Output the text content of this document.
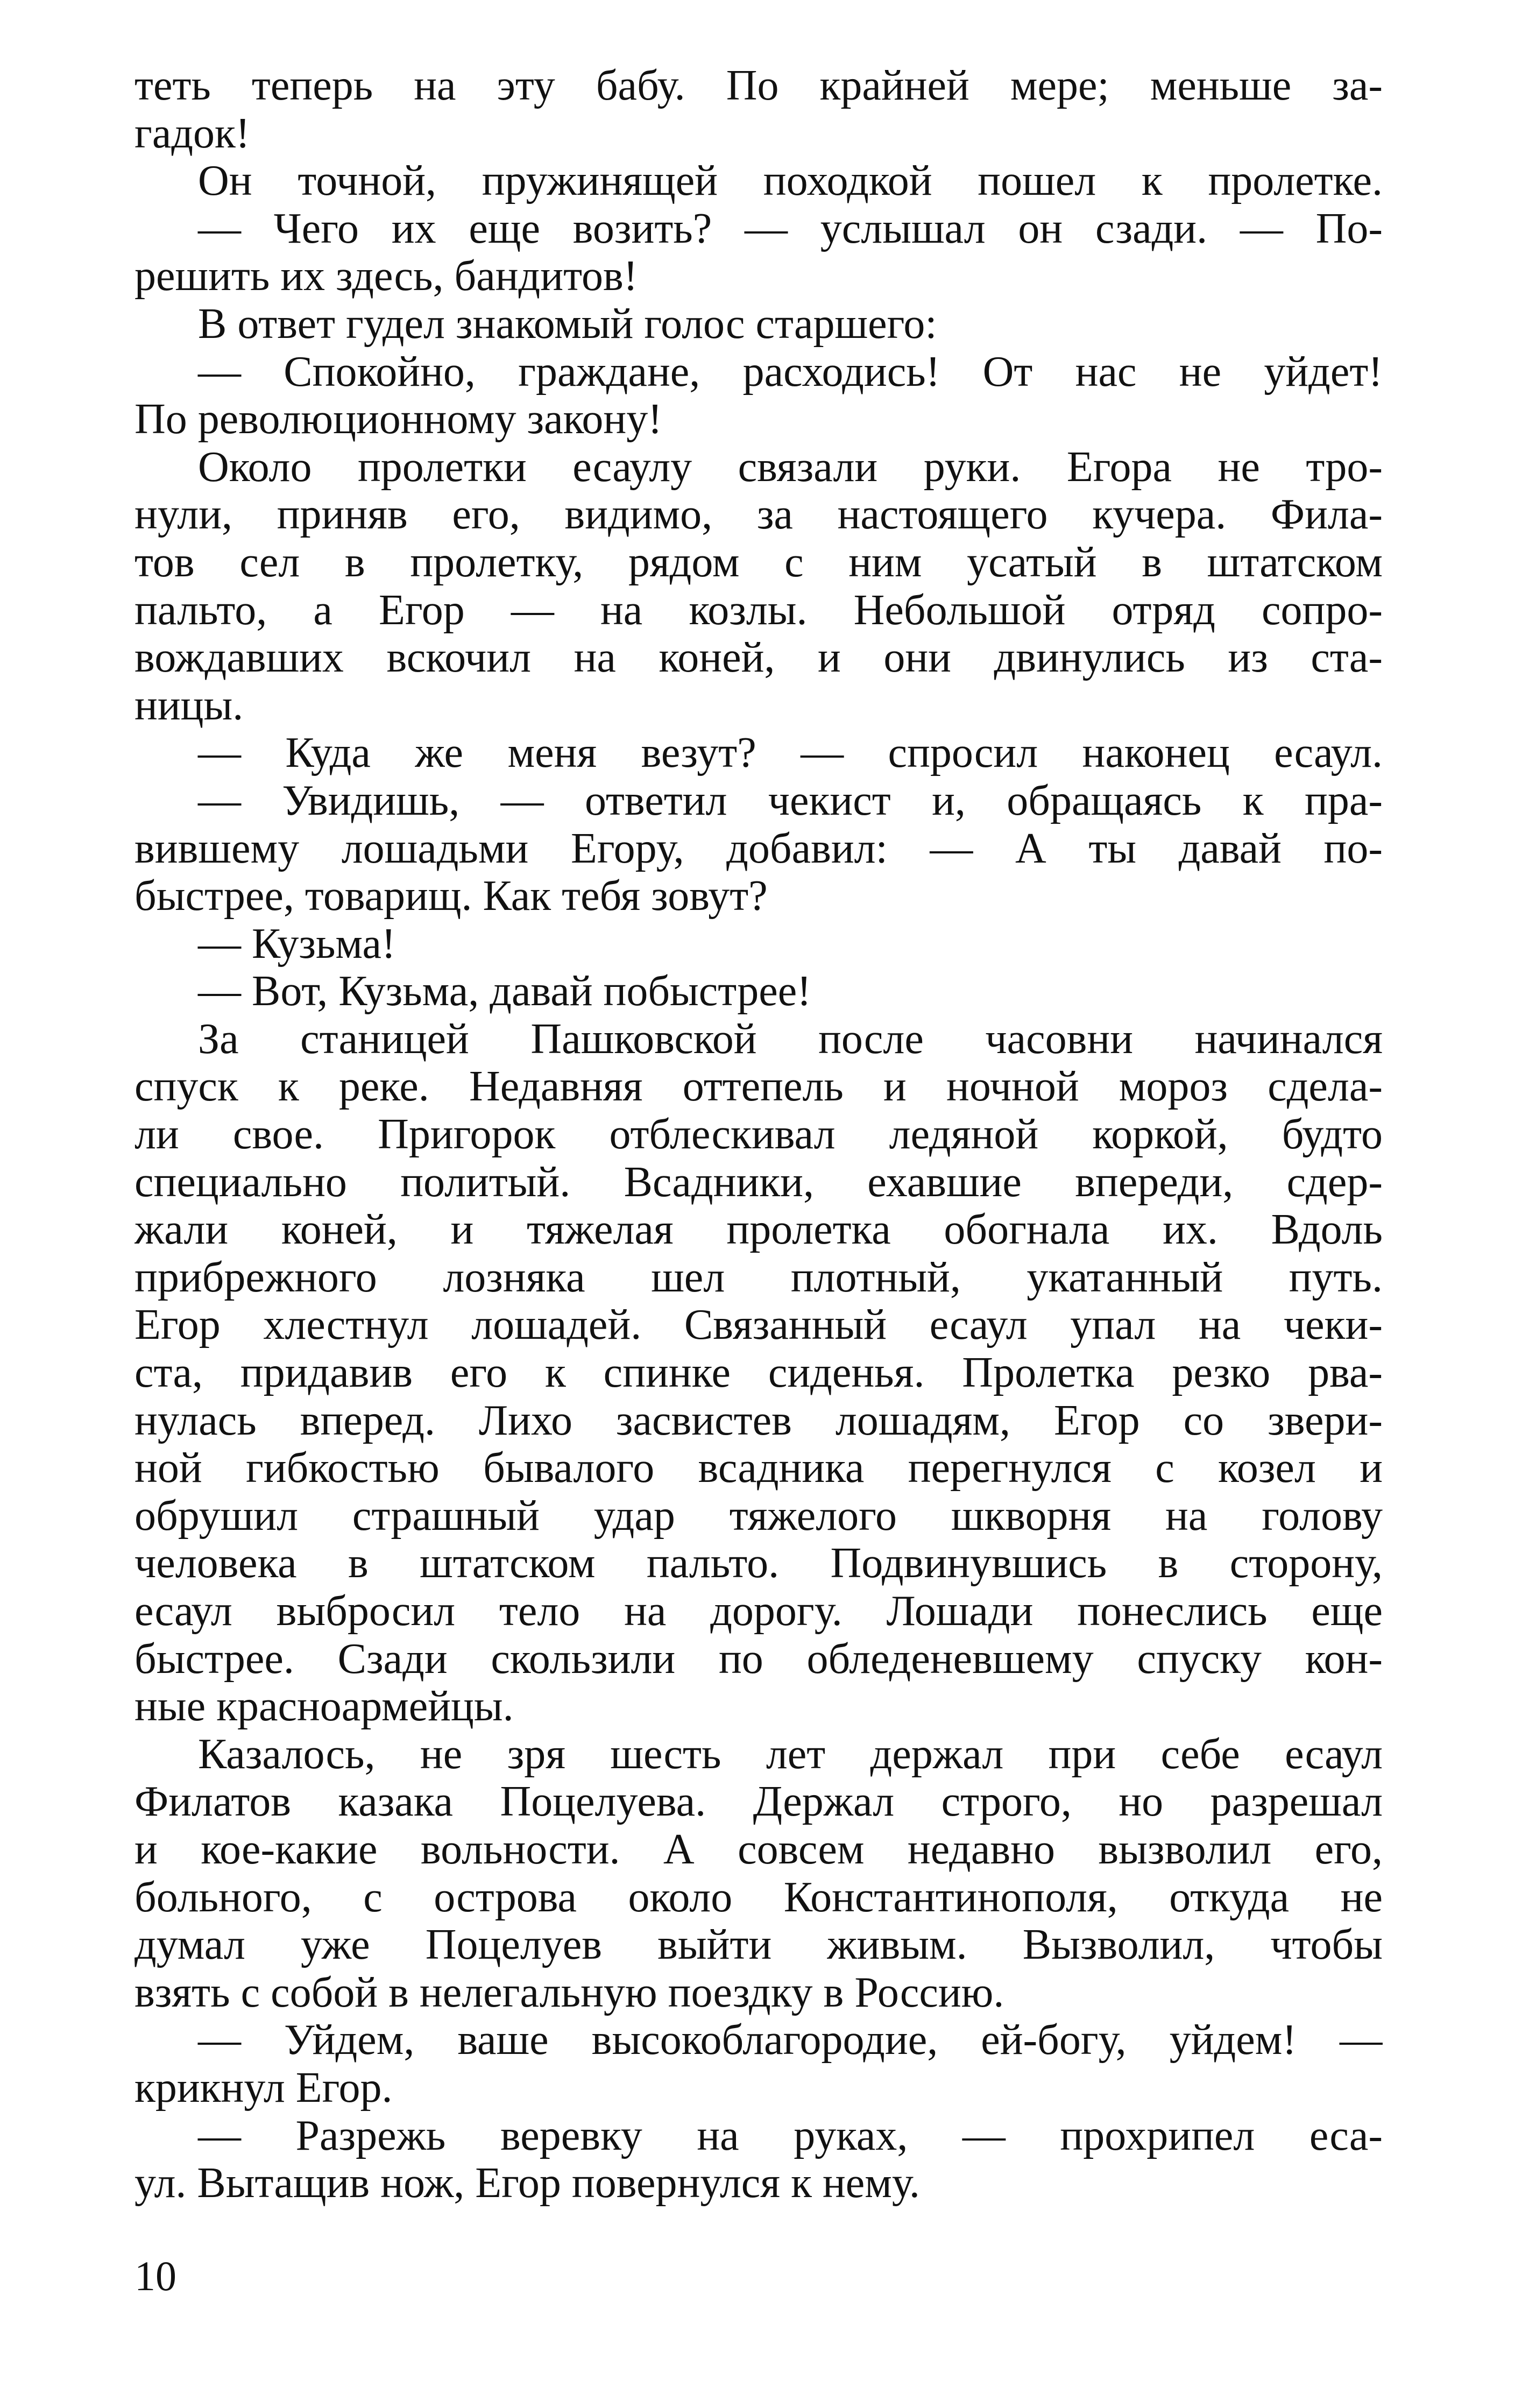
теть теперь на эту бабу. По крайней мере; меньше за-
гадок!
Он точной, пружинящей походкой пошел к пролетке.
— Чего их еще возить? — услышал он сзади. — По-
решить их здесь, бандитов!
В ответ гудел знакомый голос старшего:
— Спокойно, граждане, расходись! От нас не уйдет!
По революционному закону!
Около пролетки есаулу связали руки. Егора не тро-
нули, приняв его, видимо, за настоящего кучера. Фила-
тов сел в пролетку, рядом с ним усатый в штатском
пальто, а Егор — на козлы. Небольшой отряд сопро-
вождавших вскочил на коней, и они двинулись из ста-
ницы.
— Куда же меня везут? — спросил наконец есаул.
— Увидишь, — ответил чекист и, обращаясь к пра-
вившему лошадьми Егору, добавил: — А ты давай по-
быстрее, товарищ. Как тебя зовут?
— Кузьма!
— Вот, Кузьма, давай побыстрее!
За станицей Пашковской после часовни начинался
спуск к реке. Недавняя оттепель и ночной мороз сдела-
ли свое. Пригорок отблескивал ледяной коркой, будто
специально политый. Всадники, ехавшие впереди, сдер-
жали коней, и тяжелая пролетка обогнала их. Вдоль
прибрежного лозняка шел плотный, укатанный путь.
Егор хлестнул лошадей. Связанный есаул упал на чеки-
ста, придавив его к спинке сиденья. Пролетка резко рва-
нулась вперед. Лихо засвистев лошадям, Егор со звери-
ной гибкостью бывалого всадника перегнулся с козел и
обрушил страшный удар тяжелого шкворня на голову
человека в штатском пальто. Подвинувшись в сторону,
есаул выбросил тело на дорогу. Лошади понеслись еще
быстрее. Сзади скользили по обледеневшему спуску кон-
ные красноармейцы.
Казалось, не зря шесть лет держал при себе есаул
Филатов казака Поцелуева. Держал строго, но разрешал
и кое-какие вольности. А совсем недавно вызволил его,
больного, с острова около Константинополя, откуда не
думал уже Поцелуев выйти живым. Вызволил, чтобы
взять с собой в нелегальную поездку в Россию.
— Уйдем, ваше высокоблагородие, ей-богу, уйдем! —
крикнул Егор.
— Разрежь веревку на руках, — прохрипел еса-
ул. Вытащив нож, Егор повернулся к нему.
10
